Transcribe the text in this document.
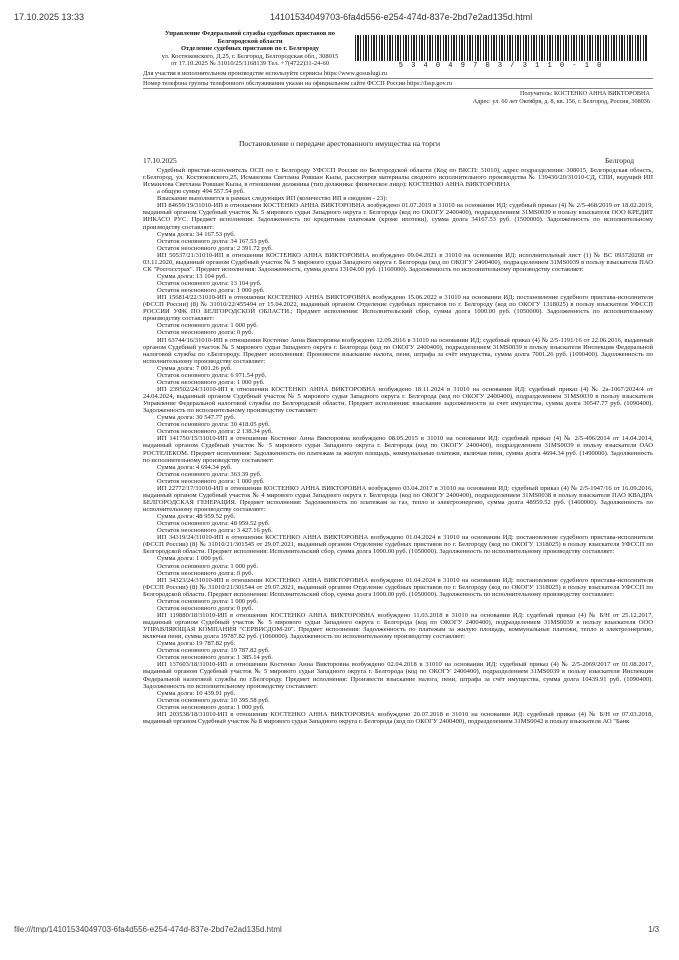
17.10.2025 13:33	14101534049703-6fa4d556-e254-474d-837e-2bd7e2ad135d.html
Управление Федеральной службы судебных приставов по
Белгородской области
Отделение судебных приставов по г. Белгороду
ул. Костюковского, Д.25, г. Белгород, Белгородская обл., 308015
от 17.10.2025 № 31010/25/1168139 Тел. +7(4722)31-24-60	5 3 4 0 4 9 7 0 3 / 3 1 1 0 - 1 0
Для участия в исполнительном производстве используйте сервисы https://www.gosuslugi.ru
Номер телефона группы телефонного обслуживания указан на официальном сайте ФССП России https://fssp.gov.ru
Получатель: КОСТЕНКО АННА ВИКТОРОВНА
Адрес: ул. 60 лет Октября, д. 8, кв. 156, г. Белгород, Россия, 308036
Постановление о передаче арестованного имущества на торги
17.10.2025	Белгород

Судебный пристав-исполнитель ОСП по г. Белгороду УФССП России по Белгородской области (Код по ВКСП: 31010), адрес подразделения: 308015, Белгородская область, г.Белгород, ул. Костюковского,25, Исмаилова Светлана Ровшан Кызы, рассмотрев материалы сводного исполнительного производства № 139430/20/31010-СД, СПИ, ведущий ИП Исмаилова Светлана Ровшан Кызы, в отношении должника (тип должника: физическое лицо): КОСТЕНКО АННА ВИКТОРОВНА

а общую сумму 494 557.54 руб.

Взыскание выполняется в рамках следующих ИП (количество ИП в сводном - 23):

ИП 84659/19/31010-ИП в отношении КОСТЕНКО АННА ВИКТОРОВНА возбуждено 01.07.2019 в 31010 на основании ИД: судебный приказ (4) № 2/5-468/2019 от 18.02.2019, выданный органом Судебный участок № 5 мирового судьи Западного округа г. Белгорода (код по ОКОГУ 2400400), подразделением 31MS0039 в пользу взыскателя ООО КРЕДИТ ИНКАСО РУС. Предмет исполнения: Задолженность по кредитным платежам (кроме ипотеки), сумма долга 34167.53 руб. (1500000). Задолженность по исполнительному производству составляет:

Сумма долга: 34 167.53 руб.

Остаток основного долга: 34 167.53 руб.

Остаток неосновного долга: 2 391.72 руб.

ИП 50537/21/31010-ИП в отношении КОСТЕНКО АННА ВИКТОРОВНА возбуждено 09.04.2021 в 31010 на основании ИД: исполнительный лист (1) № ВС 093720268 от 03.11.2020, выданный органом Судебный участок № 5 мирового судьи Западного округа г. Белгорода (код по ОКОГУ 2400400), подразделением 31MS0039 в пользу взыскателя ПАО СК "Росгосстрах". Предмет исполнения: Задолженность, сумма долга 13104.00 руб. (1160000). Задолженность по исполнительному производству составляет:

Сумма долга: 13 104 руб.

Остаток основного долга: 13 104 руб.

Остаток неосновного долга: 1 000 руб.

ИП 156814/22/31010-ИП в отношении КОСТЕНКО АННА ВИКТОРОВНА возбуждено 15.06.2022 в 31010 на основании ИД: постановление судебного пристава-исполнителя (ФССП России) (8) № 31010/22/455494 от 15.04.2022, выданный органом Отделение судебных приставов по г. Белгороду (код по ОКОГУ 1318025) в пользу взыскателя УФССП РОССИИ УФК ПО БЕЛГОРОДСКОЙ ОБЛАСТИ.; Предмет исполнения: Исполнительский сбор, сумма долга 1000.00 руб. (1050000). Задолженность по исполнительному производству составляет:

Остаток основного долга: 1 000 руб.

Остаток неосновного долга: 0 руб.

ИП 63744/16/31010-ИП в отношении Костенко Анна Викторовна возбуждено 12.09.2016 в 31010 на основании ИД: судебный приказ (4) № 2/5-1191/16 от 22.06.2016, выданный органом Судебный участок № 5 мирового судьи Западного округа г. Белгорода (код по ОКОГУ 2400400), подразделением 31MS0039 в пользу взыскателя Инспекция Федеральной налоговой службы по г.Белгороду. Предмет исполнения: Произвести взыскание налога, пени, штрафа за счёт имущества, сумма долга 7001.26 руб. (1090400). Задолженность по исполнительному производству составляет:

Сумма долга: 7 001.26 руб.

Остаток основного долга: 6 971.54 руб.

Остаток неосновного долга: 1 000 руб.

ИП 239502/24/31010-ИП в отношении КОСТЕНКО АННА ВИКТОРОВНА возбуждено 18.11.2024 в 31010 на основании ИД: судебный приказ (4) № 2а-1067/2024/4 от 24.04.2024, выданный органом Судебный участок № 5 мирового судьи Западного округа г. Белгорода (код по ОКОГУ 2400400), подразделением 31MS0039 в пользу взыскателя Управление Федеральной налоговой службы по Белгородской области. Предмет исполнения: взыскание задолженности за счет имущества, сумма долга 30547.77 руб. (1090400). Задолженность по исполнительному производству составляет:

Сумма долга: 30 547.77 руб.

Остаток основного долга: 30 418.05 руб.

Остаток неосновного долга: 2 138.34 руб.

ИП 141750/15/31010-ИП в отношении Костенко Анна Викторовна возбуждено 08.05.2015 в 31010 на основании ИД: судебный приказ (4) № 2/5-496/2014 от 14.04.2014, выданный органом Судебный участок № 5 мирового судьи Западного округа г. Белгорода (код по ОКОГУ 2400400), подразделением 31MS0039 в пользу взыскателя ОАО РОСТЕЛЕКОМ. Предмет исполнения: Задолженность по платежам за жилую площадь, коммунальные платежи, включая пени, сумма долга 4694.34 руб. (1490000). Задолженность по исполнительному производству составляет:

Сумма долга: 4 694.34 руб.

Остаток основного долга: 363.39 руб.

Остаток неосновного долга: 1 000 руб.

ИП 22772/17/31010-ИП в отношении КОСТЕНКО АННА ВИКТОРОВНА возбуждено 03.04.2017 в 31010 на основании ИД: судебный приказ (4) № 2/5-1947/16 от 16.09.2016, выданный органом Судебный участок № 4 мирового судьи Западного округа г. Белгорода (код по ОКОГУ 2400400), подразделением 31MS0038 в пользу взыскателя ПАО КВАДРА БЕЛГОРОДСКАЯ ГЕНЕРАЦИЯ. Предмет исполнения: Задолженность по платежам за газ, тепло и электроэнергию, сумма долга 48959.52 руб. (1460000). Задолженность по исполнительному производству составляет:

Сумма долга: 48 959.52 руб.

Остаток основного долга: 48 959.52 руб.

Остаток неосновного долга: 3 427.16 руб.

ИП 34319/24/31010-ИП в отношении КОСТЕНКО АННА ВИКТОРОВНА возбуждено 01.04.2024 в 31010 на основании ИД: постановление судебного пристава-исполнителя (ФССП России) (8) № 31010/21/301545 от 29.07.2021, выданный органом Отделение судебных приставов по г. Белгороду (код по ОКОГУ 1318025) в пользу взыскателя УФССП по Белгородской области. Предмет исполнения: Исполнительский сбор, сумма долга 1000.00 руб. (1050000). Задолженность по исполнительному производству составляет:

Сумма долга: 1 000 руб.

Остаток основного долга: 1 000 руб.

Остаток неосновного долга: 0 руб.

ИП 34323/24/31010-ИП в отношении КОСТЕНКО АННА ВИКТОРОВНА возбуждено 01.04.2024 в 31010 на основании ИД: постановление судебного пристава-исполнителя (ФССП России) (8) № 31010/21/301544 от 29.07.2021, выданный органом Отделение судебных приставов по г. Белгороду (код по ОКОГУ 1318025) в пользу взыскателя УФССП по Белгородской области. Предмет исполнения: Исполнительский сбор, сумма долга 1000.00 руб. (1050000). Задолженность по исполнительному производству составляет:

Остаток основного долга: 1 000 руб.

Остаток неосновного долга: 0 руб.

ИП 119880/18/31010-ИП в отношении КОСТЕНКО АННА ВИКТОРОВНА возбуждено 11.03.2018 в 31010 на основании ИД: судебный приказ (4) № Б/Н от 25.12.2017, выданный органом Судебный участок № 5 мирового судьи Западного округа г. Белгорода (код по ОКОГУ 2400400), подразделением 31MS0039 в пользу взыскателя ООО УПРАВЛЯЮЩАЯ КОМПАНИЯ "СЕРВИСДОМ-20". Предмет исполнения: Задолженность по платежам за жилую площадь, коммунальные платежи, тепло и электроэнергию, включая пени, сумма долга 19787.82 руб. (1060000). Задолженность по исполнительному производству составляет:

Сумма долга: 19 787.82 руб.

Остаток основного долга: 19 787.82 руб.

Остаток неосновного долга: 1 385.14 руб.

ИП 137603/18/31010-ИП в отношении Костенко Анна Викторовна возбуждено 02.04.2018 в 31010 на основании ИД: судебный приказ (4) № 2/5-2069/2017 от 01.08.2017, выданный органом Судебный участок № 5 мирового судьи Западного округа г. Белгорода (код по ОКОГУ 2400400), подразделением 31MS0039 в пользу взыскателя Инспекция Федеральной налоговой службы по г.Белгороду. Предмет исполнения: Произвести взыскание налога, пени, штрафа за счёт имущества, сумма долга 10439.91 руб. (1090400). Задолженность по исполнительному производству составляет:

Сумма долга: 10 439.91 руб.

Остаток основного долга: 10 395.58 руб.

Остаток неосновного долга: 1 000 руб.

ИП 203538/18/31010-ИП в отношении КОСТЕНКО АННА ВИКТОРОВНА возбуждено 20.07.2018 в 31010 на основании ИД: судебный приказ (4) № Б/Н от 07.03.2018, выданный органом Судебный участок № 8 мирового судьи Западного округа г. Белгорода (код по ОКОГУ 2400400), подразделением 31MS0042 в пользу взыскателя АО "Банк

file:///tmp/14101534049703-6fa4d556-e254-474d-837e-2bd7e2ad135d.html	1/3
